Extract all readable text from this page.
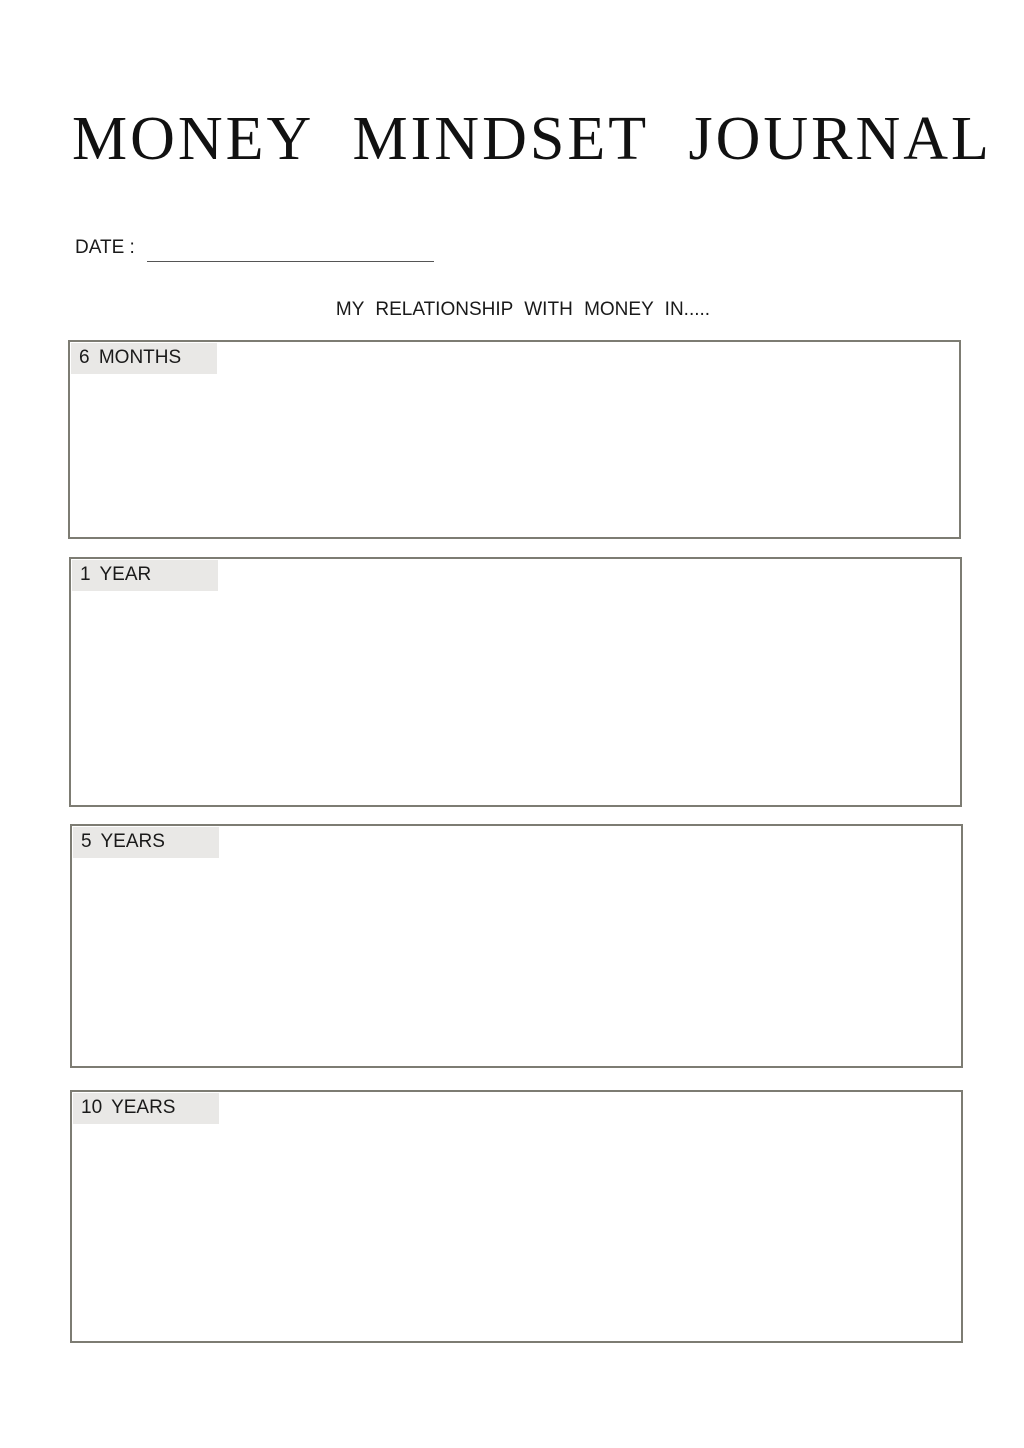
MONEY MINDSET JOURNAL
DATE :
MY RELATIONSHIP WITH MONEY IN.....
6 MONTHS
1 YEAR
5 YEARS
10 YEARS
